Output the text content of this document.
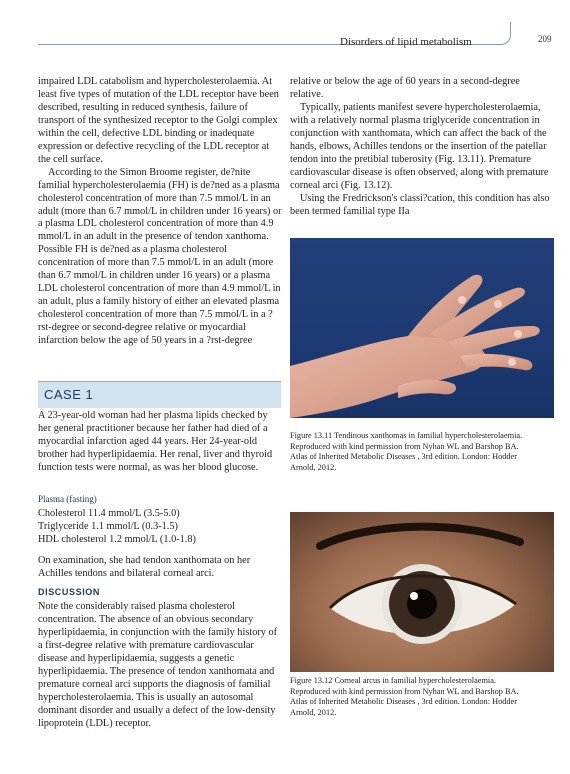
Disorders of lipid metabolism	209

impaired LDL catabolism and hypercholesterolaemia. At least five types of mutation of the LDL receptor have been described, resulting in reduced synthesis, failure of transport of the synthesized receptor to the Golgi complex within the cell, defective LDL binding or inadequate expression or defective recycling of the LDL receptor at the cell surface.

According to the Simon Broome register, de?nite familial hypercholesterolaemia (FH) is de?ned as a plasma cholesterol concentration of more than 7.5 mmol/L in an adult (more than 6.7 mmol/L in children under 16 years) or a plasma LDL cholesterol concentration of more than 4.9 mmol/L in an adult in the presence of tendon xanthoma. Possible FH is de?ned as a plasma cholesterol concentration of more than 7.5 mmol/L in an adult (more than 6.7 mmol/L in children under 16 years) or a plasma LDL cholesterol concentration of more than 4.9 mmol/L in an adult, plus a family history of either an elevated plasma cholesterol concentration of more than 7.5 mmol/L in a ?rst-degree or second-degree relative or myocardial infarction below the age of 50 years in a ?rst-degree

relative or below the age of 60 years in a second-degree relative.

Typically, patients manifest severe hypercholesterolaemia, with a relatively normal plasma triglyceride concentration in conjunction with xanthomata, which can affect the back of the hands, elbows, Achilles tendons or the insertion of the patellar tendon into the pretibial tuberosity (Fig. 13.11). Premature cardiovascular disease is often observed, along with premature corneal arci (Fig. 13.12).

Using the Fredrickson's classi?cation, this condition has also been termed familial type IIa

Figure 13.11 Tendinous xanthomas in familial hypercholesterolaemia. Reproduced with kind permission from Nyhan WL and Barshop BA. Atlas of Inherited Metabolic Diseases , 3rd edition. London: Hodder Arnold, 2012.
Figure 13.12 Corneal arcus in familial hypercholesterolaemia. Reproduced with kind permission from Nyhan WL and Barshop BA. Atlas of Inherited Metabolic Diseases , 3rd edition. London: Hodder Arnold, 2012.
CASE 1

A 23-year-old woman had her plasma lipids checked by her general practitioner because her father had died of a myocardial infarction aged 44 years. Her 24-year-old brother had hyperlipidaemia. Her renal, liver and thyroid function tests were normal, as was her blood glucose.

Plasma (fasting)

Cholesterol 11.4 mmol/L (3.5-5.0)

Triglyceride 1.1 mmol/L (0.3-1.5)

HDL cholesterol 1.2 mmol/L (1.0-1.8)

On examination, she had tendon xanthomata on her Achilles tendons and bilateral corneal arci.

DISCUSSION

Note the considerably raised plasma cholesterol concentration. The absence of an obvious secondary hyperlipidaemia, in conjunction with the family history of a first-degree relative with premature cardiovascular disease and hyperlipidaemia, suggests a genetic hyperlipidaemia. The presence of tendon xanthomata and premature corneal arci supports the diagnosis of familial hypercholesterolaemia. This is usually an autosomal dominant disorder and usually a defect of the low-density lipoprotein (LDL) receptor.
